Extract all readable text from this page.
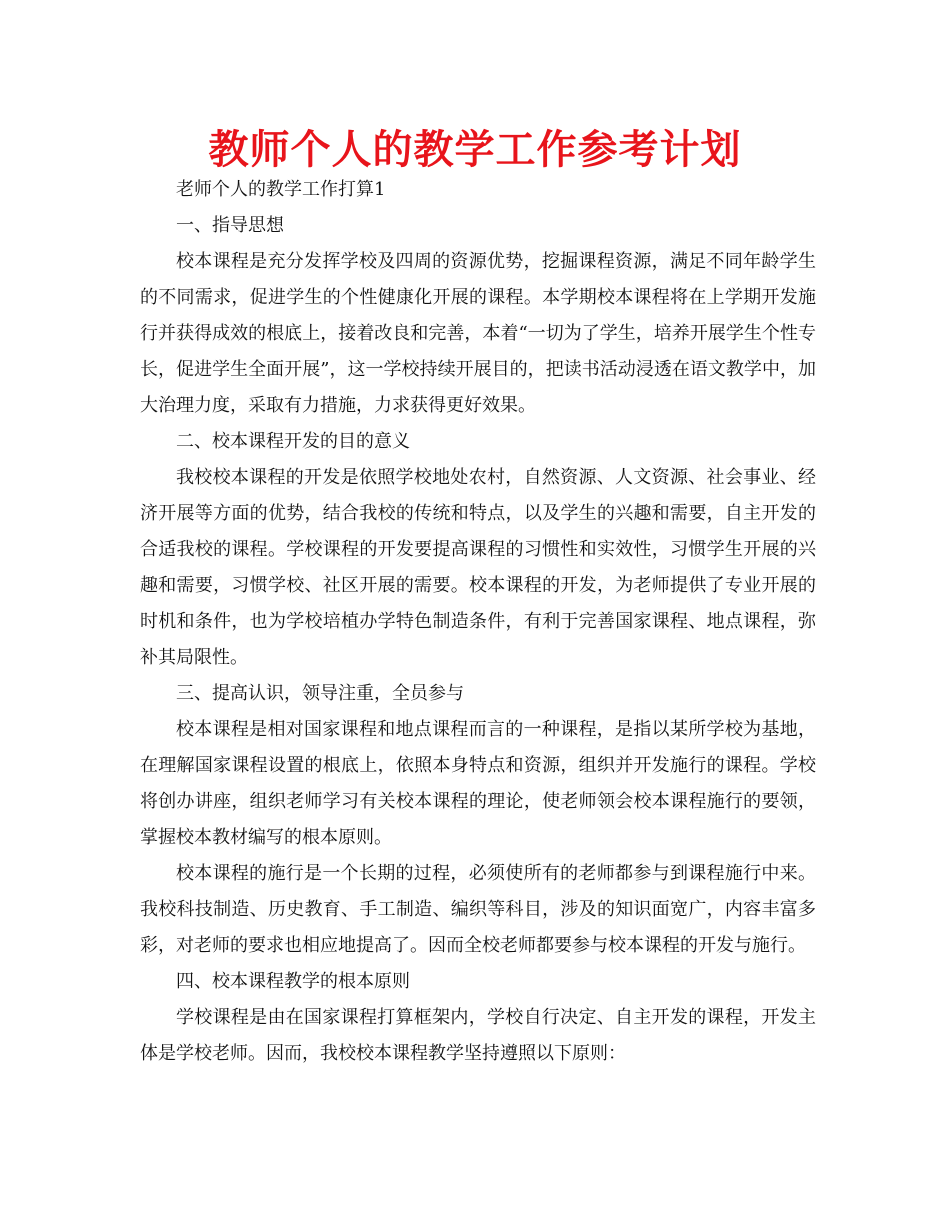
教师个人的教学工作参考计划

老师个人的教学工作打算1

一、指导思想

校本课程是充分发挥学校及四周的资源优势，挖掘课程资源，满足不同年龄学生的不同需求，促进学生的个性健康化开展的课程。本学期校本课程将在上学期开发施行并获得成效的根底上，接着改良和完善，本着“一切为了学生，培养开展学生个性专长，促进学生全面开展”，这一学校持续开展目的，把读书活动浸透在语文教学中，加大治理力度，采取有力措施，力求获得更好效果。

二、校本课程开发的目的意义

我校校本课程的开发是依照学校地处农村，自然资源、人文资源、社会事业、经济开展等方面的优势，结合我校的传统和特点，以及学生的兴趣和需要，自主开发的合适我校的课程。学校课程的开发要提高课程的习惯性和实效性，习惯学生开展的兴趣和需要，习惯学校、社区开展的需要。校本课程的开发，为老师提供了专业开展的时机和条件，也为学校培植办学特色制造条件，有利于完善国家课程、地点课程，弥补其局限性。

三、提高认识，领导注重，全员参与

校本课程是相对国家课程和地点课程而言的一种课程，是指以某所学校为基地，在理解国家课程设置的根底上，依照本身特点和资源，组织并开发施行的课程。学校将创办讲座，组织老师学习有关校本课程的理论，使老师领会校本课程施行的要领，掌握校本教材编写的根本原则。

校本课程的施行是一个长期的过程，必须使所有的老师都参与到课程施行中来。我校科技制造、历史教育、手工制造、编织等科目，涉及的知识面宽广，内容丰富多彩，对老师的要求也相应地提高了。因而全校老师都要参与校本课程的开发与施行。

四、校本课程教学的根本原则

学校课程是由在国家课程打算框架内，学校自行决定、自主开发的课程，开发主体是学校老师。因而，我校校本课程教学坚持遵照以下原则：
